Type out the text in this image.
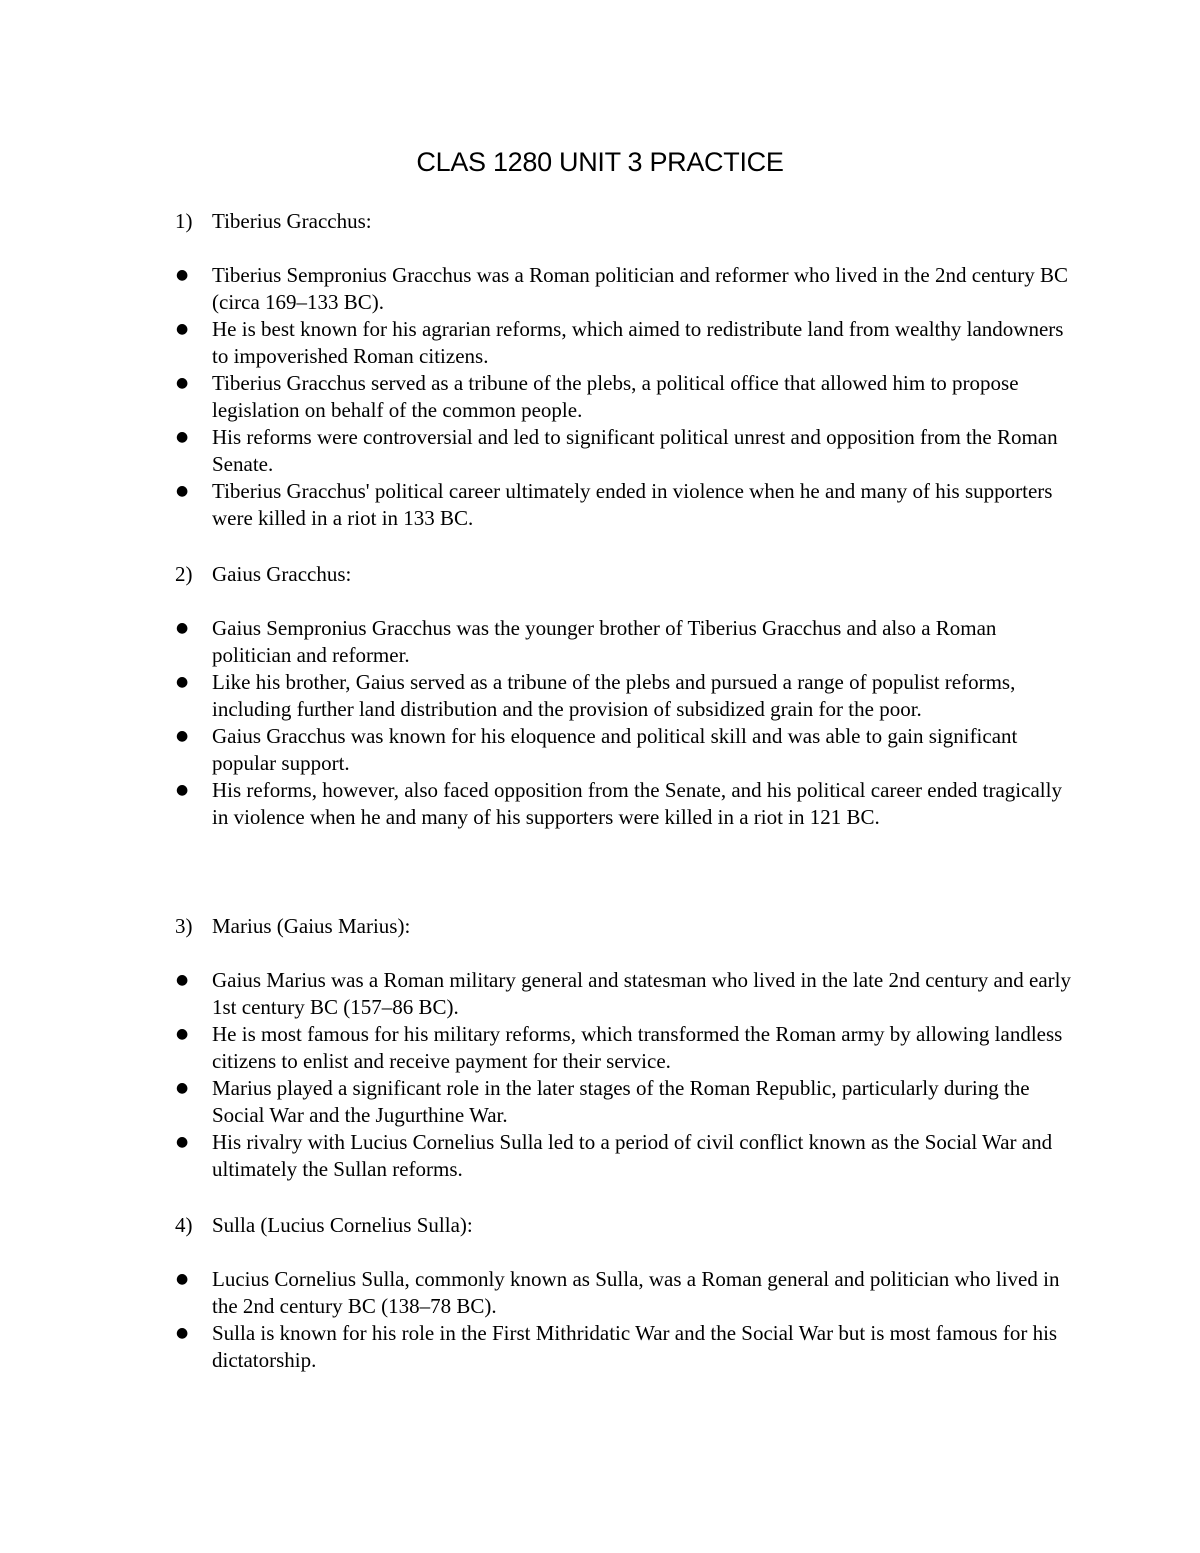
CLAS 1280 UNIT 3 PRACTICE
1) Tiberius Gracchus:
● Tiberius Sempronius Gracchus was a Roman politician and reformer who lived in the 2nd century BC (circa 169–133 BC).
● He is best known for his agrarian reforms, which aimed to redistribute land from wealthy landowners to impoverished Roman citizens.
● Tiberius Gracchus served as a tribune of the plebs, a political office that allowed him to propose legislation on behalf of the common people.
● His reforms were controversial and led to significant political unrest and opposition from the Roman Senate.
● Tiberius Gracchus' political career ultimately ended in violence when he and many of his supporters were killed in a riot in 133 BC.
2) Gaius Gracchus:
● Gaius Sempronius Gracchus was the younger brother of Tiberius Gracchus and also a Roman politician and reformer.
● Like his brother, Gaius served as a tribune of the plebs and pursued a range of populist reforms, including further land distribution and the provision of subsidized grain for the poor.
● Gaius Gracchus was known for his eloquence and political skill and was able to gain significant popular support.
● His reforms, however, also faced opposition from the Senate, and his political career ended tragically in violence when he and many of his supporters were killed in a riot in 121 BC.
3) Marius (Gaius Marius):
● Gaius Marius was a Roman military general and statesman who lived in the late 2nd century and early 1st century BC (157–86 BC).
● He is most famous for his military reforms, which transformed the Roman army by allowing landless citizens to enlist and receive payment for their service.
● Marius played a significant role in the later stages of the Roman Republic, particularly during the Social War and the Jugurthine War.
● His rivalry with Lucius Cornelius Sulla led to a period of civil conflict known as the Social War and ultimately the Sullan reforms.
4) Sulla (Lucius Cornelius Sulla):
● Lucius Cornelius Sulla, commonly known as Sulla, was a Roman general and politician who lived in the 2nd century BC (138–78 BC).
● Sulla is known for his role in the First Mithridatic War and the Social War but is most famous for his dictatorship.
